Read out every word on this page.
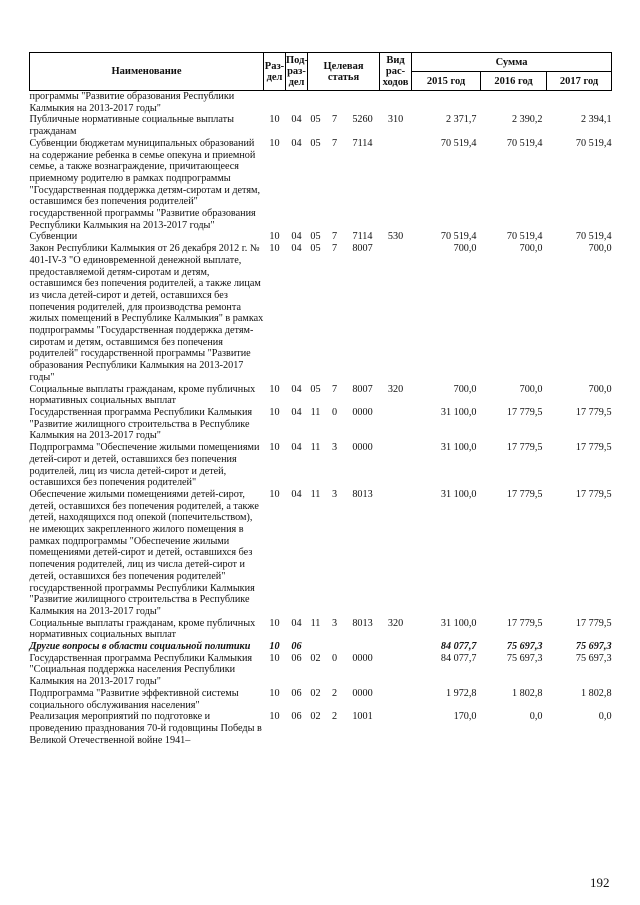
Наименование	Раз-дел	Под-раз-дел	Целевая статья			Вид рас-ходов	Сумма		
							2015 год	2016 год	2017 год
программы "Развитие образования Республики Калмыкия на 2013-2017 годы"									
Публичные нормативные социальные выплаты гражданам	10	04	05	7	5260	310	2 371,7	2 390,2	2 394,1
Субвенции бюджетам муниципальных образований на содержание ребенка в семье опекуна и приемной семье, а также вознаграждение, причитающееся приемному родителю в рамках подпрограммы "Государственная поддержка детям-сиротам и детям, оставшимся без попечения родителей" государственной программы "Развитие образования Республики Калмыкия на 2013-2017 годы"	10	04	05	7	7114		70 519,4	70 519,4	70 519,4
Субвенции	10	04	05	7	7114	530	70 519,4	70 519,4	70 519,4
Закон Республики Калмыкия от 26 декабря 2012 г. № 401-IV-З "О единовременной денежной выплате, предоставляемой детям-сиротам и детям, оставшимся без попечения родителей, а также лицам из числа детей-сирот и детей, оставшихся без попечения родителей, для производства ремонта жилых помещений в Республике Калмыкия" в рамках подпрограммы "Государственная поддержка детям-сиротам и детям, оставшимся без попечения родителей" государственной программы "Развитие образования Республики Калмыкия на 2013-2017 годы"	10	04	05	7	8007		700,0	700,0	700,0
Социальные выплаты гражданам, кроме публичных нормативных социальных выплат	10	04	05	7	8007	320	700,0	700,0	700,0
Государственная программа Республики Калмыкия "Развитие жилищного строительства в Республике Калмыкия на 2013-2017 годы"	10	04	11	0	0000		31 100,0	17 779,5	17 779,5
Подпрограмма "Обеспечение жилыми помещениями детей-сирот и детей, оставшихся без попечения родителей, лиц из числа детей-сирот и детей, оставшихся без попечения родителей"	10	04	11	3	0000		31 100,0	17 779,5	17 779,5
Обеспечение жилыми помещениями детей-сирот, детей, оставшихся без попечения родителей, а также детей, находящихся под опекой (попечительством), не имеющих закрепленного жилого помещения в рамках подпрограммы "Обеспечение жилыми помещениями детей-сирот и детей, оставшихся без попечения родителей, лиц из числа детей-сирот и детей, оставшихся без попечения родителей" государственной программы Республики Калмыкия "Развитие жилищного строительства в Республике Калмыкия на 2013-2017 годы"	10	04	11	3	8013		31 100,0	17 779,5	17 779,5
Социальные выплаты гражданам, кроме публичных нормативных социальных выплат	10	04	11	3	8013	320	31 100,0	17 779,5	17 779,5
Другие вопросы в области социальной политики	10	06					84 077,7	75 697,3	75 697,3
Государственная программа Республики Калмыкия "Социальная поддержка населения Республики Калмыкия на 2013-2017 годы"	10	06	02	0	0000		84 077,7	75 697,3	75 697,3
Подпрограмма "Развитие эффективной системы социального обслуживания населения"	10	06	02	2	0000		1 972,8	1 802,8	1 802,8
Реализация мероприятий по подготовке и проведению празднования 70-й годовщины Победы в Великой Отечественной войне 1941–	10	06	02	2	1001		170,0	0,0	0,0
192
